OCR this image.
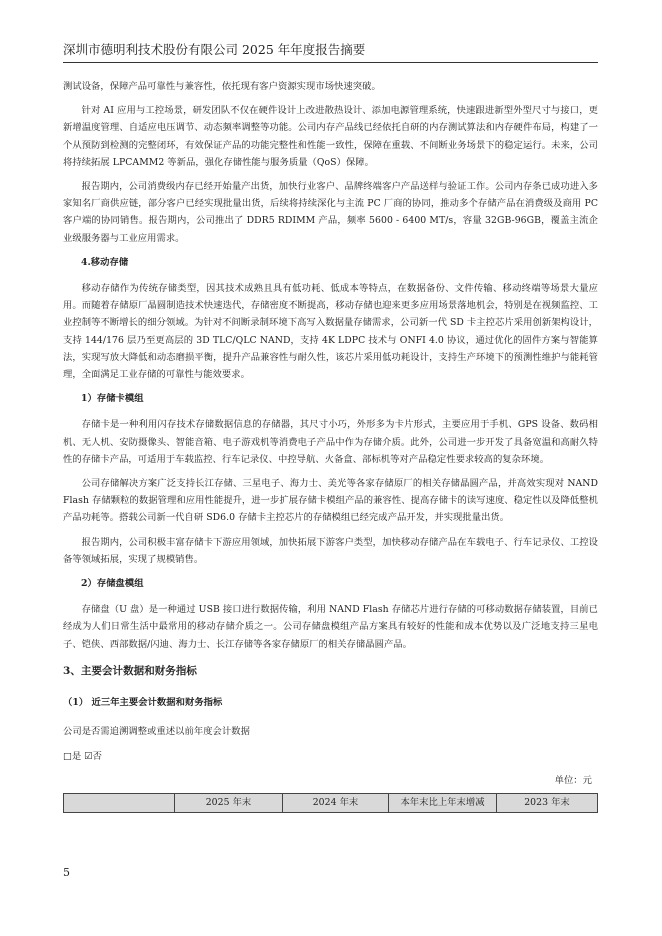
深圳市德明利技术股份有限公司 2025 年年度报告摘要

测试设备，保障产品可靠性与兼容性，依托现有客户资源实现市场快速突破。

针对 AI 应用与工控场景，研发团队不仅在硬件设计上改进散热设计、添加电源管理系统，快速跟进新型外型尺寸与接口，更新增温度管理、自适应电压调节、动态频率调整等功能。公司内存产品线已经依托自研的内存测试算法和内存硬件布局，构建了一个从预防到检测的完整闭环，有效保证产品的功能完整性和性能一致性，保障在重载、不间断业务场景下的稳定运行。未来，公司将持续拓展 LPCAMM2 等新品，强化存储性能与服务质量（QoS）保障。

报告期内，公司消费级内存已经开始量产出货，加快行业客户、品牌终端客户产品送样与验证工作。公司内存条已成功进入多家知名厂商供应链，部分客户已经实现批量出货，后续将持续深化与主流 PC 厂商的协同，推动多个存储产品在消费级及商用 PC 客户端的协同销售。报告期内，公司推出了 DDR5 RDIMM 产品，频率 5600 - 6400 MT/s，容量 32GB-96GB，覆盖主流企业级服务器与工业应用需求。

4.移动存储

移动存储作为传统存储类型，因其技术成熟且具有低功耗、低成本等特点，在数据备份、文件传输、移动终端等场景大量应用。而随着存储原厂晶圆制造技术快速迭代，存储密度不断提高，移动存储也迎来更多应用场景落地机会，特别是在视频监控、工业控制等不断增长的细分领域。为针对不间断录制环境下高写入数据量存储需求，公司新一代 SD 卡主控芯片采用创新架构设计，支持 144/176 层乃至更高层的 3D TLC/QLC NAND，支持 4K LDPC 技术与 ONFI 4.0 协议，通过优化的固件方案与智能算法，实现写放大降低和动态磨损平衡，提升产品兼容性与耐久性，该芯片采用低功耗设计，支持生产环境下的预测性维护与能耗管理，全面满足工业存储的可靠性与能效要求。

1）存储卡模组

存储卡是一种利用闪存技术存储数据信息的存储器，其尺寸小巧，外形多为卡片形式，主要应用于手机、GPS 设备、数码相机、无人机、安防摄像头、智能音箱、电子游戏机等消费电子产品中作为存储介质。此外，公司进一步开发了具备宽温和高耐久特性的存储卡产品，可适用于车载监控、行车记录仪、中控导航、火备盒、部标机等对产品稳定性要求较高的复杂环境。

公司存储解决方案广泛支持长江存储、三星电子、海力士、美光等各家存储原厂的相关存储晶圆产品，并高效实现对 NAND Flash 存储颗粒的数据管理和应用性能提升，进一步扩展存储卡模组产品的兼容性、提高存储卡的读写速度、稳定性以及降低整机产品功耗等。搭载公司新一代自研 SD6.0 存储卡主控芯片的存储模组已经完成产品开发，并实现批量出货。

报告期内，公司积极丰富存储卡下游应用领域，加快拓展下游客户类型，加快移动存储产品在车载电子、行车记录仪、工控设备等领域拓展，实现了规模销售。

2）存储盘模组

存储盘（U 盘）是一种通过 USB 接口进行数据传输，利用 NAND Flash 存储芯片进行存储的可移动数据存储装置，目前已经成为人们日常生活中最常用的移动存储介质之一。公司存储盘模组产品方案具有较好的性能和成本优势以及广泛地支持三星电子、铠侠、西部数据/闪迪、海力士、长江存储等各家存储原厂的相关存储晶圆产品。

3、主要会计数据和财务指标
（1） 近三年主要会计数据和财务指标

公司是否需追溯调整或重述以前年度会计数据

□是 ☑否

单位：元
	2025 年末	2024 年末	本年末比上年末增减	2023 年末
5
